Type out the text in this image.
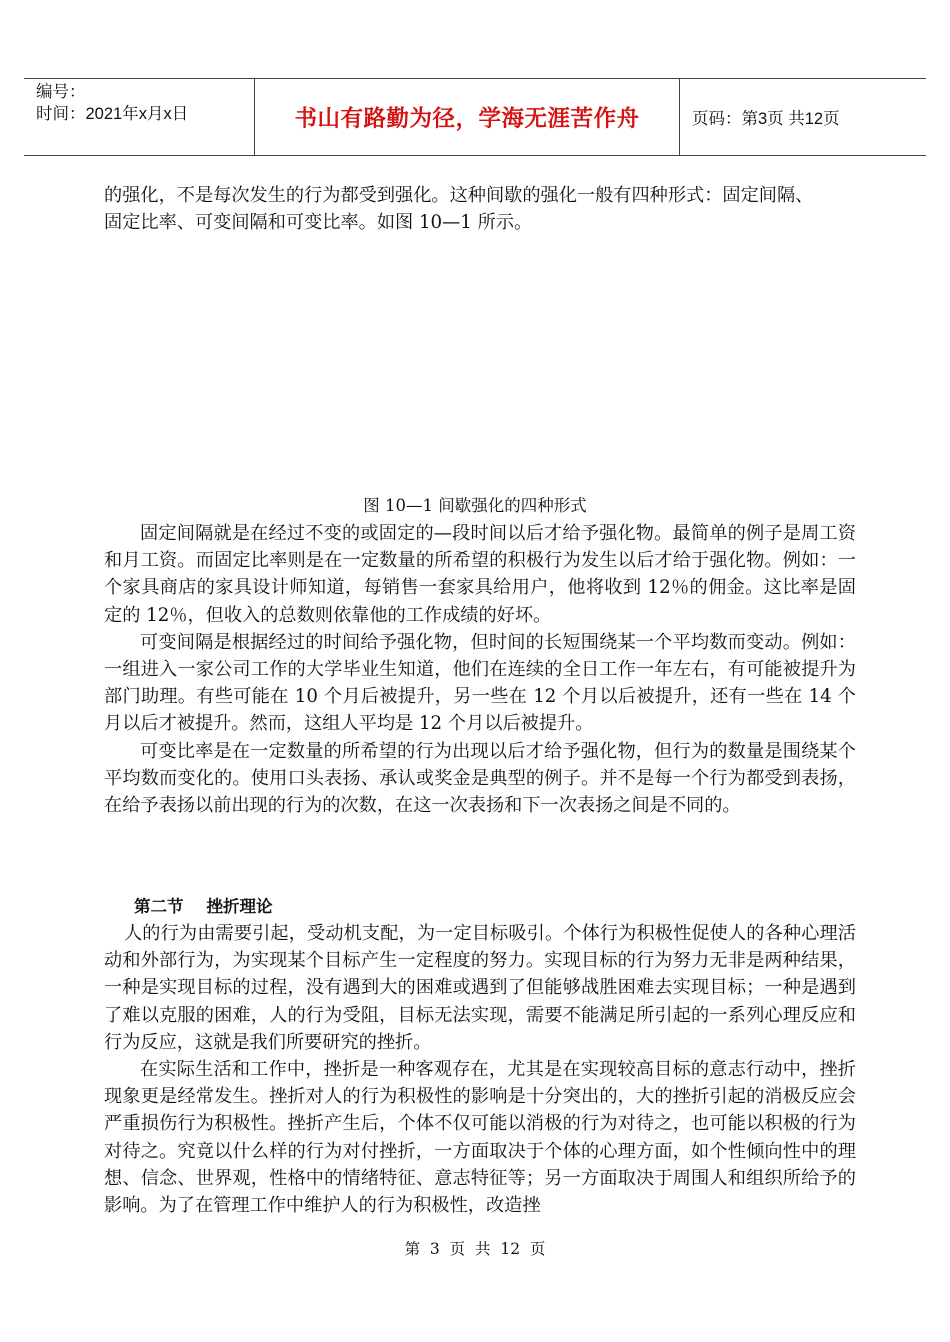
编号：
时间：2021年x月x日	书山有路勤为径，学海无涯苦作舟	页码：第3页 共12页

的强化，不是每次发生的行为都受到强化。这种间歇的强化一般有四种形式：固定间隔、

固定比率、可变间隔和可变比率。如图 10—1 所示。

图 10—1 间歇强化的四种形式

固定间隔就是在经过不变的或固定的—段时间以后才给予强化物。最简单的例子是周工资和月工资。而固定比率则是在一定数量的所希望的积极行为发生以后才给于强化物。例如：一个家具商店的家具设计师知道，每销售一套家具给用户，他将收到 12％的佣金。这比率是固定的 12％，但收入的总数则依靠他的工作成绩的好坏。

可变间隔是根据经过的时间给予强化物，但时间的长短围绕某一个平均数而变动。例如：一组进入一家公司工作的大学毕业生知道，他们在连续的全日工作一年左右，有可能被提升为部门助理。有些可能在 10 个月后被提升，另一些在 12 个月以后被提升，还有一些在 14 个月以后才被提升。然而，这组人平均是 12 个月以后被提升。

可变比率是在一定数量的所希望的行为出现以后才给予强化物，但行为的数量是围绕某个平均数而变化的。使用口头表扬、承认或奖金是典型的例子。并不是每一个行为都受到表扬，在给予表扬以前出现的行为的次数，在这一次表扬和下一次表扬之间是不同的。

第二节    挫折理论

人的行为由需要引起，受动机支配，为一定目标吸引。个体行为积极性促使人的各种心理活动和外部行为，为实现某个目标产生一定程度的努力。实现目标的行为努力无非是两种结果，一种是实现目标的过程，没有遇到大的困难或遇到了但能够战胜困难去实现目标；一种是遇到了难以克服的困难，人的行为受阻，目标无法实现，需要不能满足所引起的一系列心理反应和行为反应，这就是我们所要研究的挫折。

在实际生活和工作中，挫折是一种客观存在，尤其是在实现较高目标的意志行动中，挫折现象更是经常发生。挫折对人的行为积极性的影响是十分突出的，大的挫折引起的消极反应会严重损伤行为积极性。挫折产生后，个体不仅可能以消极的行为对待之，也可能以积极的行为对待之。究竟以什么样的行为对付挫折，一方面取决于个体的心理方面，如个性倾向性中的理想、信念、世界观，性格中的情绪特征、意志特征等；另一方面取决于周围人和组织所给予的影响。为了在管理工作中维护人的行为积极性，改造挫

第  3  页  共  12  页
